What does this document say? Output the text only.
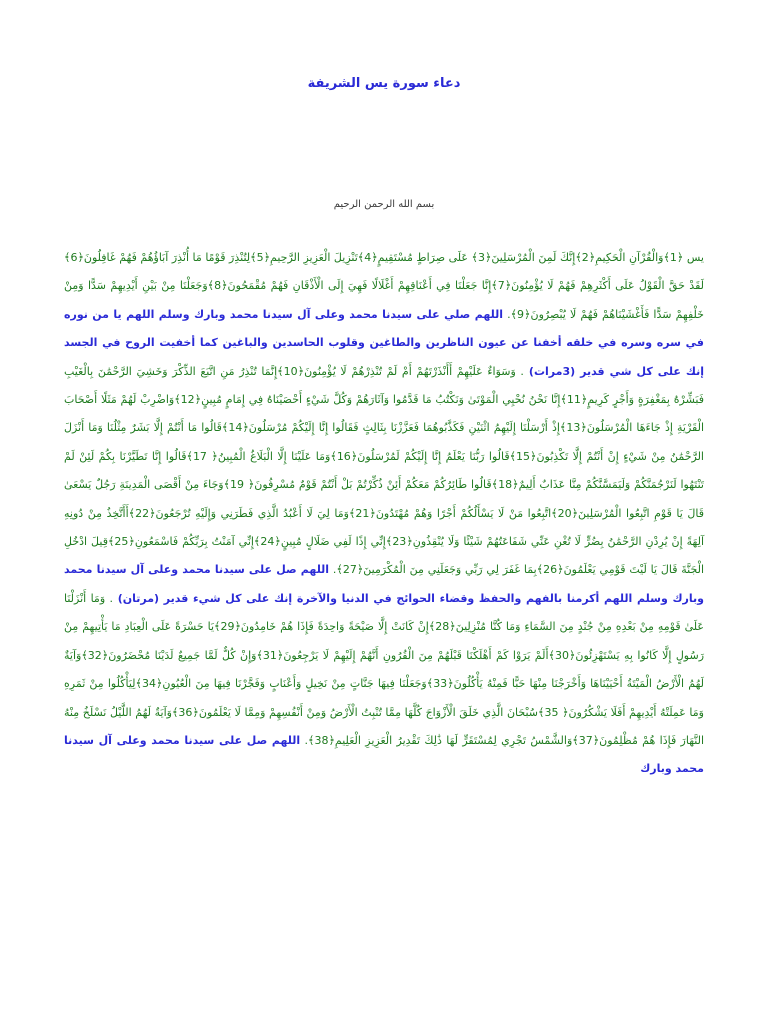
دعاء سورة يس الشريفة
بسم الله الرحمن الرحيم
يس ﴿1﴾وَالْقُرْآنِ الْحَكِيمِ﴿2﴾إِنَّكَ لَمِنَ الْمُرْسَلِينَ﴿3﴾ عَلَى صِرَاطٍ مُسْتَقِيمٍ﴿4﴾تَنْزِيلَ الْعَزِيزِ الرَّحِيمِ﴿5﴾لِتُنْذِرَ قَوْمًا مَا أُنْذِرَ آبَاؤُهُمْ فَهُمْ غَافِلُونَ﴿6﴾لَقَدْ حَقَّ الْقَوْلُ عَلَى أَكْثَرِهِمْ فَهُمْ لَا يُؤْمِنُونَ﴿7﴾إِنَّا جَعَلْنَا فِي أَعْنَاقِهِمْ أَغْلَالًا فَهِيَ إِلَى الْأَذْقَانِ فَهُمْ مُقْمَحُونَ﴿8﴾وَجَعَلْنَا مِنْ بَيْنِ أَيْدِيهِمْ سَدًّا وَمِنْ خَلْفِهِمْ سَدًّا فَأَغْشَيْنَاهُمْ فَهُمْ لَا يُبْصِرُونَ﴿9﴾. اللهم صلي على سيدنا محمد وعلى آل سيدنا محمد وبارك وسلم اللهم يا من نوره في سره وسره في خلقه أخفنا عن عيون الناظرين والطاغين وقلوب الحاسدين والباغين كما أخفيت الروح في الجسد إنك على كل شي قدير (3مرات) . وَسَوَاءٌ عَلَيْهِمْ أَأَنْذَرْتَهُمْ أَمْ لَمْ تُنْذِرْهُمْ لَا يُؤْمِنُونَ﴿10﴾إِنَّمَا تُنْذِرُ مَنِ اتَّبَعَ الذِّكْرَ وَخَشِيَ الرَّحْمَٰنَ بِالْغَيْبِ فَبَشِّرْهُ بِمَغْفِرَةٍ وَأَجْرٍ كَرِيمٍ﴿11﴾إِنَّا نَحْنُ نُحْيِي الْمَوْتَىٰ وَنَكْتُبُ مَا قَدَّمُوا وَآثَارَهُمْ وَكُلَّ شَيْءٍ أَحْصَيْنَاهُ فِي إِمَامٍ مُبِينٍ﴿12﴾وَاضْرِبْ لَهُمْ مَثَلًا أَصْحَابَ الْقَرْيَةِ إِذْ جَاءَهَا الْمُرْسَلُونَ﴿13﴾إِذْ أَرْسَلْنَا إِلَيْهِمُ اثْنَيْنِ فَكَذَّبُوهُمَا فَعَزَّزْنَا بِثَالِثٍ فَقَالُوا إِنَّا إِلَيْكُمْ مُرْسَلُونَ﴿14﴾قَالُوا مَا أَنْتُمْ إِلَّا بَشَرٌ مِثْلُنَا وَمَا أَنْزَلَ الرَّحْمَٰنُ مِنْ شَيْءٍ إِنْ أَنْتُمْ إِلَّا تَكْذِبُونَ﴿15﴾قَالُوا رَبُّنَا يَعْلَمُ إِنَّا إِلَيْكُمْ لَمُرْسَلُونَ﴿16﴾وَمَا عَلَيْنَا إِلَّا الْبَلَاغُ الْمُبِينُ﴿ 17﴾قَالُوا إِنَّا تَطَيَّرْنَا بِكُمْ لَئِنْ لَمْ تَنْتَهُوا لَنَرْجُمَنَّكُمْ وَلَيَمَسَّنَّكُمْ مِنَّا عَذَابٌ أَلِيمٌ﴿18﴾قَالُوا طَائِرُكُمْ مَعَكُمْ أَئِنْ ذُكِّرْتُمْ بَلْ أَنْتُمْ قَوْمٌ مُسْرِفُونَ﴿ 19﴾وَجَاءَ مِنْ أَقْصَى الْمَدِينَةِ رَجُلٌ يَسْعَىٰ قَالَ يَا قَوْمِ اتَّبِعُوا الْمُرْسَلِينَ﴿20﴾اتَّبِعُوا مَنْ لَا يَسْأَلُكُمْ أَجْرًا وَهُمْ مُهْتَدُونَ﴿21﴾وَمَا لِيَ لَا أَعْبُدُ الَّذِي فَطَرَنِي وَإِلَيْهِ تُرْجَعُونَ﴿22﴾أَأَتَّخِذُ مِنْ دُونِهِ آلِهَةً إِنْ يُرِدْنِ الرَّحْمَٰنُ بِضُرٍّ لَا تُغْنِ عَنِّي شَفَاعَتُهُمْ شَيْئًا وَلَا يُنْقِذُونِ﴿23﴾إِنِّي إِذًا لَفِي ضَلَالٍ مُبِينٍ﴿24﴾إِنِّي آمَنْتُ بِرَبِّكُمْ فَاسْمَعُونِ﴿25﴾قِيلَ ادْخُلِ الْجَنَّةَ قَالَ يَا لَيْتَ قَوْمِي يَعْلَمُونَ﴿26﴾بِمَا غَفَرَ لِي رَبِّي وَجَعَلَنِي مِنَ الْمُكْرَمِينَ﴿27﴾. اللهم صل على سيدنا محمد وعلى آل سيدنا محمد وبارك وسلم اللهم أكرمنا بالفهم والحفظ وقضاء الحوائج في الدنيا والآخرة إنك على كل شيء قدير (مرتان) . وَمَا أَنْزَلْنَا عَلَىٰ قَوْمِهِ مِنْ بَعْدِهِ مِنْ جُنْدٍ مِنَ السَّمَاءِ وَمَا كُنَّا مُنْزِلِينَ﴿28﴾إِنْ كَانَتْ إِلَّا صَيْحَةً وَاحِدَةً فَإِذَا هُمْ خَامِدُونَ﴿29﴾يَا حَسْرَةً عَلَى الْعِبَادِ مَا يَأْتِيهِمْ مِنْ رَسُولٍ إِلَّا كَانُوا بِهِ يَسْتَهْزِئُونَ﴿30﴾أَلَمْ يَرَوْا كَمْ أَهْلَكْنَا قَبْلَهُمْ مِنَ الْقُرُونِ أَنَّهُمْ إِلَيْهِمْ لَا يَرْجِعُونَ﴿31﴾وَإِنْ كُلٌّ لَمَّا جَمِيعٌ لَدَيْنَا مُحْضَرُونَ﴿32﴾وَآيَةٌ لَهُمُ الْأَرْضُ الْمَيْتَةُ أَحْيَيْنَاهَا وَأَخْرَجْنَا مِنْهَا حَبًّا فَمِنْهُ يَأْكُلُونَ﴿33﴾وَجَعَلْنَا فِيهَا جَنَّاتٍ مِنْ نَخِيلٍ وَأَعْنَابٍ وَفَجَّرْنَا فِيهَا مِنَ الْعُيُونِ﴿34﴾لِيَأْكُلُوا مِنْ ثَمَرِهِ وَمَا عَمِلَتْهُ أَيْدِيهِمْ أَفَلَا يَشْكُرُونَ﴿ 35﴾سُبْحَانَ الَّذِي خَلَقَ الْأَزْوَاجَ كُلَّهَا مِمَّا تُنْبِتُ الْأَرْضُ وَمِنْ أَنْفُسِهِمْ وَمِمَّا لَا يَعْلَمُونَ﴿36﴾وَآيَةٌ لَهُمُ اللَّيْلُ نَسْلَخُ مِنْهُ النَّهَارَ فَإِذَا هُمْ مُظْلِمُونَ﴿37﴾وَالشَّمْسُ تَجْرِي لِمُسْتَقَرٍّ لَهَا ذَٰلِكَ تَقْدِيرُ الْعَزِيزِ الْعَلِيمِ﴿38﴾. اللهم صل على سيدنا محمد وعلى آل سيدنا محمد وبارك
